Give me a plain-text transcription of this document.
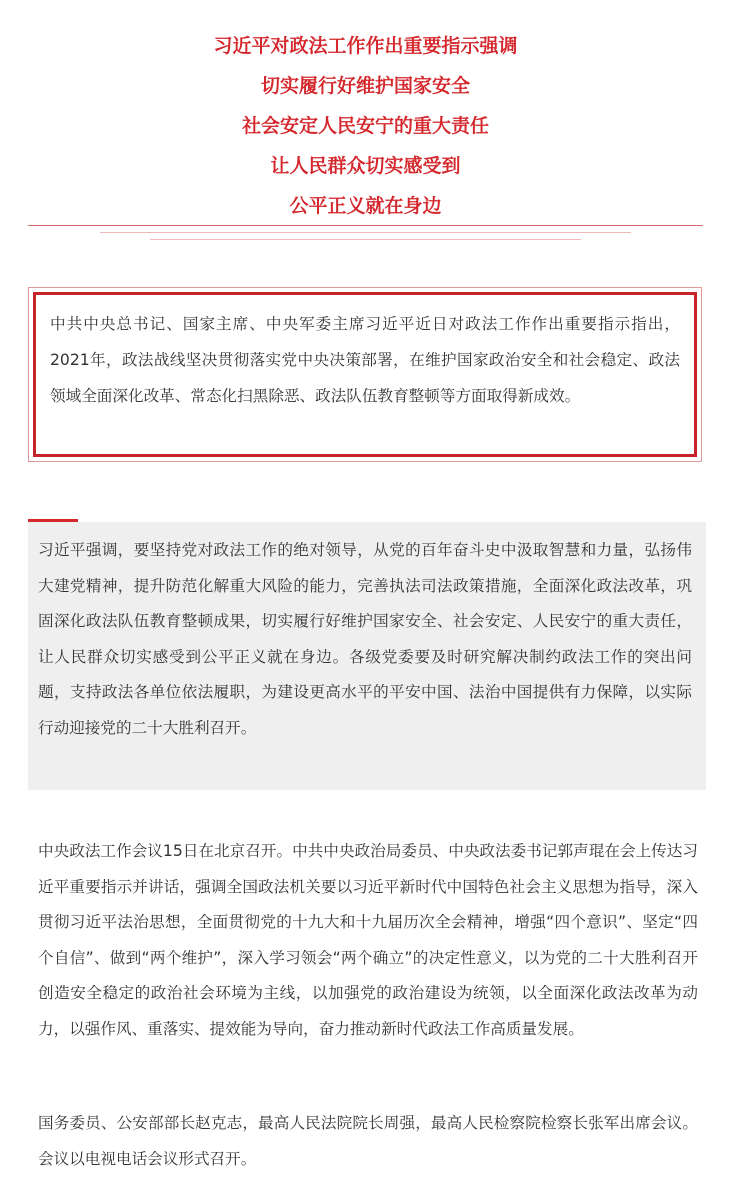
习近平对政法工作作出重要指示强调
切实履行好维护国家安全
社会安定人民安宁的重大责任
让人民群众切实感受到
公平正义就在身边

中共中央总书记、国家主席、中央军委主席习近平近日对政法工作作出重要指示指出，2021年，政法战线坚决贯彻落实党中央决策部署，在维护国家政治安全和社会稳定、政法领域全面深化改革、常态化扫黑除恶、政法队伍教育整顿等方面取得新成效。

习近平强调，要坚持党对政法工作的绝对领导，从党的百年奋斗史中汲取智慧和力量，弘扬伟大建党精神，提升防范化解重大风险的能力，完善执法司法政策措施，全面深化政法改革，巩固深化政法队伍教育整顿成果，切实履行好维护国家安全、社会安定、人民安宁的重大责任，让人民群众切实感受到公平正义就在身边。各级党委要及时研究解决制约政法工作的突出问题，支持政法各单位依法履职，为建设更高水平的平安中国、法治中国提供有力保障，以实际行动迎接党的二十大胜利召开。

中央政法工作会议15日在北京召开。中共中央政治局委员、中央政法委书记郭声琨在会上传达习近平重要指示并讲话，强调全国政法机关要以习近平新时代中国特色社会主义思想为指导，深入贯彻习近平法治思想，全面贯彻党的十九大和十九届历次全会精神，增强“四个意识”、坚定“四个自信”、做到“两个维护”，深入学习领会“两个确立”的决定性意义，以为党的二十大胜利召开创造安全稳定的政治社会环境为主线，以加强党的政治建设为统领，以全面深化政法改革为动力，以强作风、重落实、提效能为导向，奋力推动新时代政法工作高质量发展。

国务委员、公安部部长赵克志，最高人民法院院长周强，最高人民检察院检察长张军出席会议。会议以电视电话会议形式召开。
